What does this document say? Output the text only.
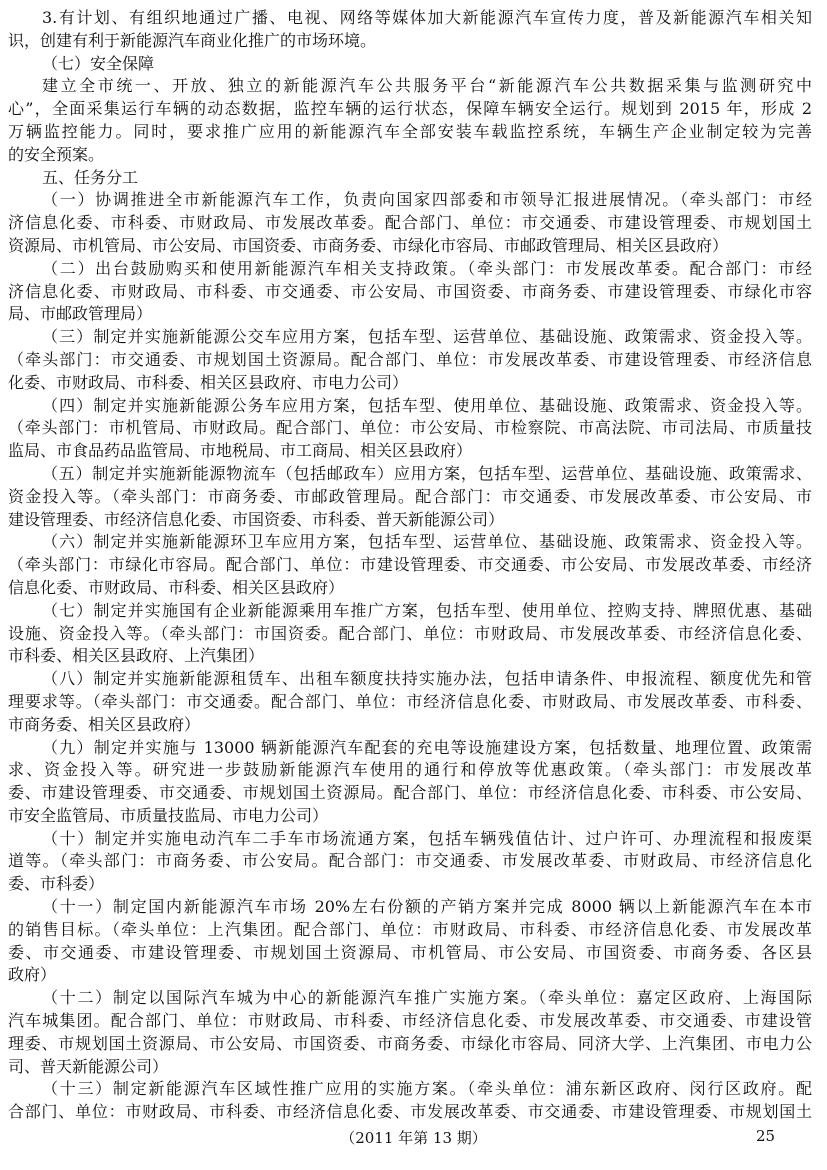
3.有计划、有组织地通过广播、电视、网络等媒体加大新能源汽车宣传力度，普及新能源汽车相关知
识，创建有利于新能源汽车商业化推广的市场环境。
（七）安全保障
建立全市统一、开放、独立的新能源汽车公共服务平台“新能源汽车公共数据采集与监测研究中
心”，全面采集运行车辆的动态数据，监控车辆的运行状态，保障车辆安全运行。规划到 2015 年，形成 2
万辆监控能力。同时，要求推广应用的新能源汽车全部安装车载监控系统，车辆生产企业制定较为完善
的安全预案。
五、任务分工
（一）协调推进全市新能源汽车工作，负责向国家四部委和市领导汇报进展情况。（牵头部门：市经
济信息化委、市科委、市财政局、市发展改革委。配合部门、单位：市交通委、市建设管理委、市规划国土
资源局、市机管局、市公安局、市国资委、市商务委、市绿化市容局、市邮政管理局、相关区县政府）
（二）出台鼓励购买和使用新能源汽车相关支持政策。（牵头部门：市发展改革委。配合部门：市经
济信息化委、市财政局、市科委、市交通委、市公安局、市国资委、市商务委、市建设管理委、市绿化市容
局、市邮政管理局）
（三）制定并实施新能源公交车应用方案，包括车型、运营单位、基础设施、政策需求、资金投入等。
（牵头部门：市交通委、市规划国土资源局。配合部门、单位：市发展改革委、市建设管理委、市经济信息
化委、市财政局、市科委、相关区县政府、市电力公司）
（四）制定并实施新能源公务车应用方案，包括车型、使用单位、基础设施、政策需求、资金投入等。
（牵头部门：市机管局、市财政局。配合部门、单位：市公安局、市检察院、市高法院、市司法局、市质量技
监局、市食品药品监管局、市地税局、市工商局、相关区县政府）
（五）制定并实施新能源物流车（包括邮政车）应用方案，包括车型、运营单位、基础设施、政策需求、
资金投入等。（牵头部门：市商务委、市邮政管理局。配合部门：市交通委、市发展改革委、市公安局、市
建设管理委、市经济信息化委、市国资委、市科委、普天新能源公司）
（六）制定并实施新能源环卫车应用方案，包括车型、运营单位、基础设施、政策需求、资金投入等。
（牵头部门：市绿化市容局。配合部门、单位：市建设管理委、市交通委、市公安局、市发展改革委、市经济
信息化委、市财政局、市科委、相关区县政府）
（七）制定并实施国有企业新能源乘用车推广方案，包括车型、使用单位、控购支持、牌照优惠、基础
设施、资金投入等。（牵头部门：市国资委。配合部门、单位：市财政局、市发展改革委、市经济信息化委、
市科委、相关区县政府、上汽集团）
（八）制定并实施新能源租赁车、出租车额度扶持实施办法，包括申请条件、申报流程、额度优先和管
理要求等。（牵头部门：市交通委。配合部门、单位：市经济信息化委、市财政局、市发展改革委、市科委、
市商务委、相关区县政府）
（九）制定并实施与 13000 辆新能源汽车配套的充电等设施建设方案，包括数量、地理位置、政策需
求、资金投入等。研究进一步鼓励新能源汽车使用的通行和停放等优惠政策。（牵头部门：市发展改革
委、市建设管理委、市交通委、市规划国土资源局。配合部门、单位：市经济信息化委、市科委、市公安局、
市安全监管局、市质量技监局、市电力公司）
（十）制定并实施电动汽车二手车市场流通方案，包括车辆残值估计、过户许可、办理流程和报废渠
道等。（牵头部门：市商务委、市公安局。配合部门：市交通委、市发展改革委、市财政局、市经济信息化
委、市科委）
（十一）制定国内新能源汽车市场 20%左右份额的产销方案并完成 8000 辆以上新能源汽车在本市
的销售目标。（牵头单位：上汽集团。配合部门、单位：市财政局、市科委、市经济信息化委、市发展改革
委、市交通委、市建设管理委、市规划国土资源局、市机管局、市公安局、市国资委、市商务委、各区县
政府）
（十二）制定以国际汽车城为中心的新能源汽车推广实施方案。（牵头单位：嘉定区政府、上海国际
汽车城集团。配合部门、单位：市财政局、市科委、市经济信息化委、市发展改革委、市交通委、市建设管
理委、市规划国土资源局、市公安局、市国资委、市商务委、市绿化市容局、同济大学、上汽集团、市电力公
司、普天新能源公司）
（十三）制定新能源汽车区域性推广应用的实施方案。（牵头单位：浦东新区政府、闵行区政府。配
合部门、单位：市财政局、市科委、市经济信息化委、市发展改革委、市交通委、市建设管理委、市规划国土
（2011 年第 13 期）	25
